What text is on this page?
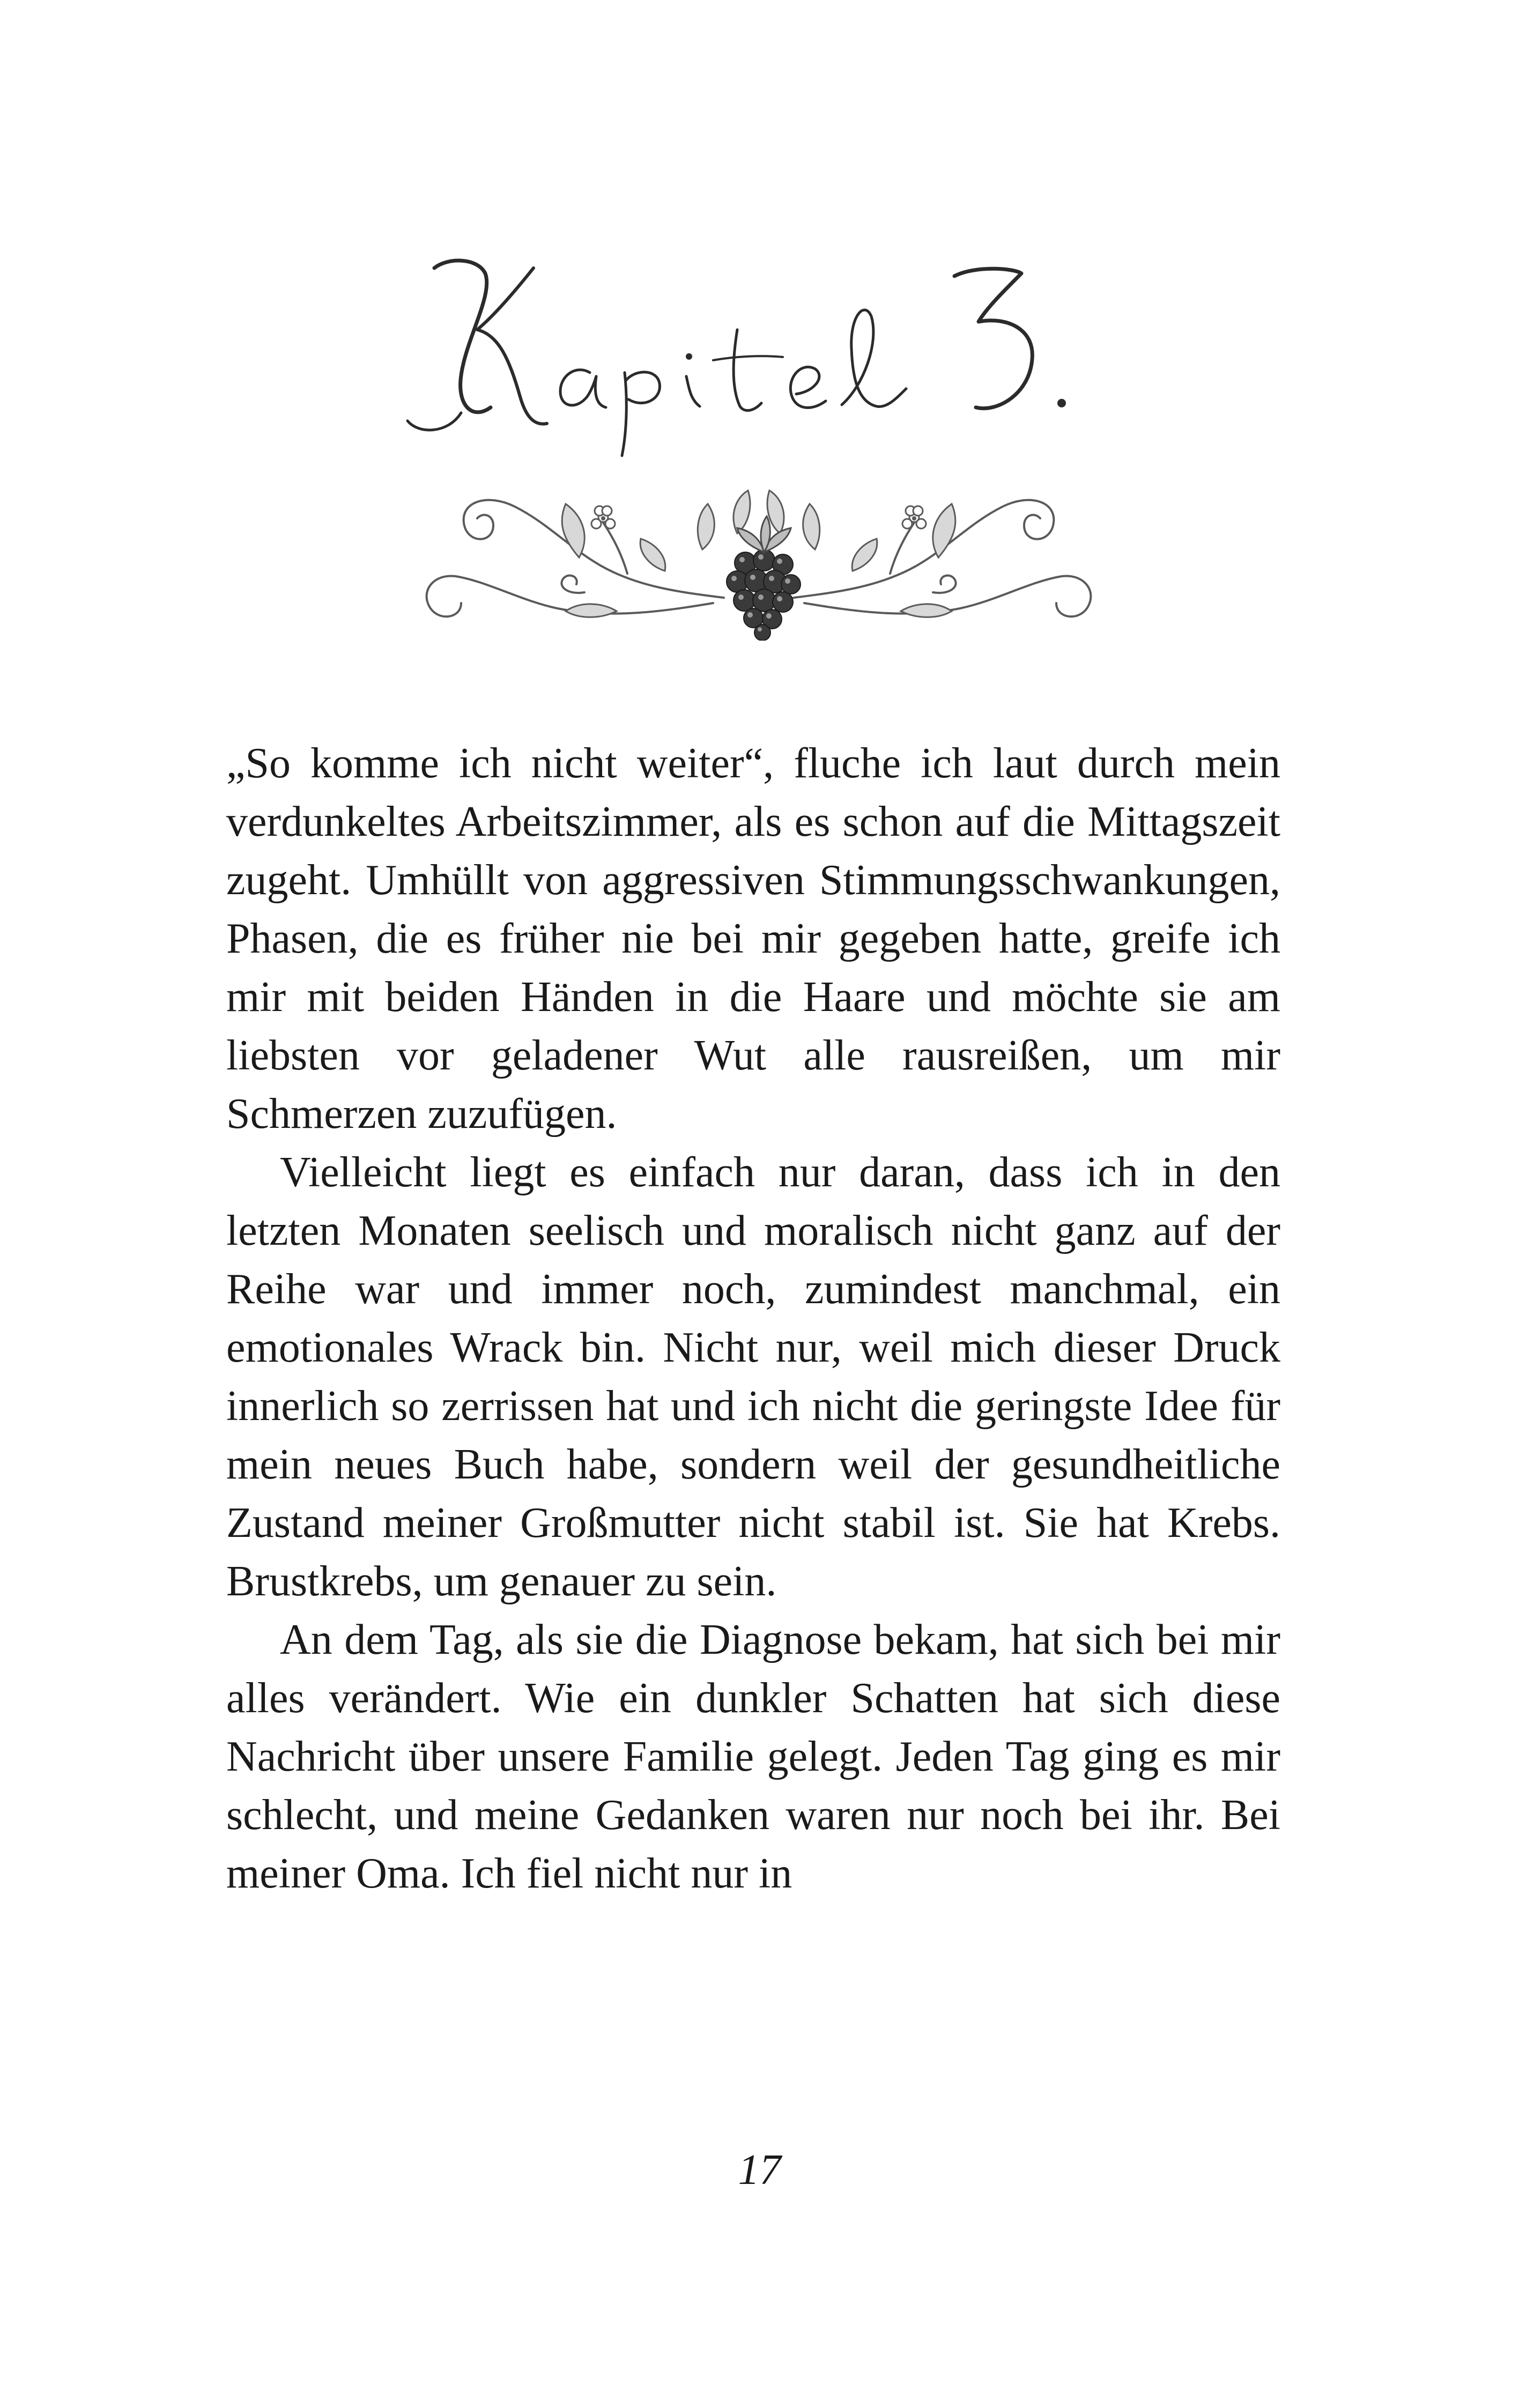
„So komme ich nicht weiter“, fluche ich laut durch mein verdunkeltes Arbeitszimmer, als es schon auf die Mittagszeit zugeht. Umhüllt von aggressiven Stimmungsschwankungen, Phasen, die es früher nie bei mir gegeben hatte, greife ich mir mit beiden Händen in die Haare und möchte sie am liebsten vor geladener Wut alle rausreißen, um mir Schmerzen zuzufügen.

Vielleicht liegt es einfach nur daran, dass ich in den letzten Monaten seelisch und moralisch nicht ganz auf der Reihe war und immer noch, zumindest manchmal, ein emotionales Wrack bin. Nicht nur, weil mich dieser Druck innerlich so zerrissen hat und ich nicht die geringste Idee für mein neues Buch habe, sondern weil der gesundheitliche Zustand meiner Großmutter nicht stabil ist. Sie hat Krebs. Brustkrebs, um genauer zu sein.

An dem Tag, als sie die Diagnose bekam, hat sich bei mir alles verändert. Wie ein dunkler Schatten hat sich diese Nachricht über unsere Familie gelegt. Jeden Tag ging es mir schlecht, und meine Gedanken waren nur noch bei ihr. Bei meiner Oma. Ich fiel nicht nur in

17
